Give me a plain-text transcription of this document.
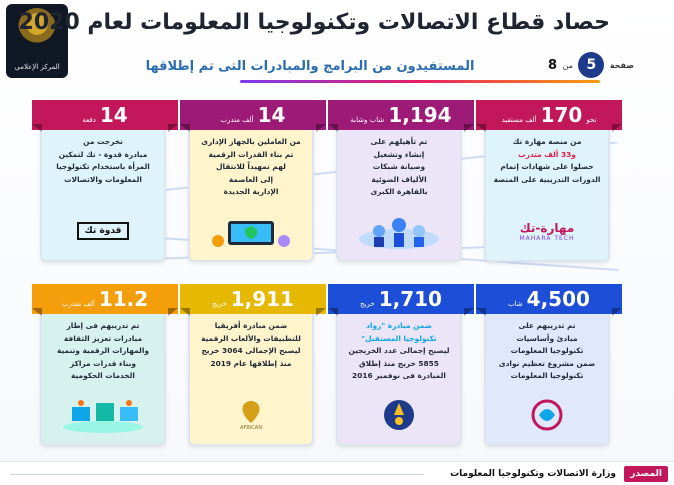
المركز الإعلامي
حصاد قطاع الاتصالات وتكنولوجيا المعلومات لعام 2020
المستفيدون من البرامج والمبادرات التى تم إطلاقها	صفحة
5
من
8
نحو
170
ألف مستفيد
من منصة مهارة تك
و33 ألف متدرب
حصلوا على شهادات إتمام
الدورات التدريبية على المنصة
مهارة-تك
MAHARA TECH
1,194
شاب وشابة
تم تأهيلهم على
إنشاء وتشغيل
وصيانة شبكات
الألياف الضوئية
بالقاهرة الكبرى
14
ألف متدرب
من العاملين بالجهاز الإدارى
تم بناء القدرات الرقمية
لهم تمهيداً للانتقال
إلى العاصمة
الإدارية الجديدة
14
دفعة
تخرجت من
مبادرة قدوة - تك لتمكين
المرأة باستخدام تكنولوجيا
المعلومات والاتصالات
قدوة تك
4,500
شاب
تم تدريبهم على
مبادئ وأساسيات
تكنولوجيا المعلومات
ضمن مشروع تعظيم نوادى
تكنولوجيا المعلومات
1,710
خريج
ضمن مبادرة "رواد
تكنولوجيا المستقبل"
ليصبح إجمالى عدد الخريجين
5855 خريج منذ إطلاق
المبادرة فى نوفمبر 2016
1,911
خريج
ضمن مبادرة أفريقيا
للتطبيقات والألعاب الرقمية
ليصبح الإجمالى 3064 خريج
منذ إطلاقها عام 2019
AFRICAN
11.2
ألف متدرب
تم تدريبهم فى إطار
مبادرات تعزيز الثقافة
والمهارات الرقمية وتنمية
وبناء قدرات مراكز
الخدمات الحكومية
المصدر
وزارة الاتصالات وتكنولوجيا المعلومات
